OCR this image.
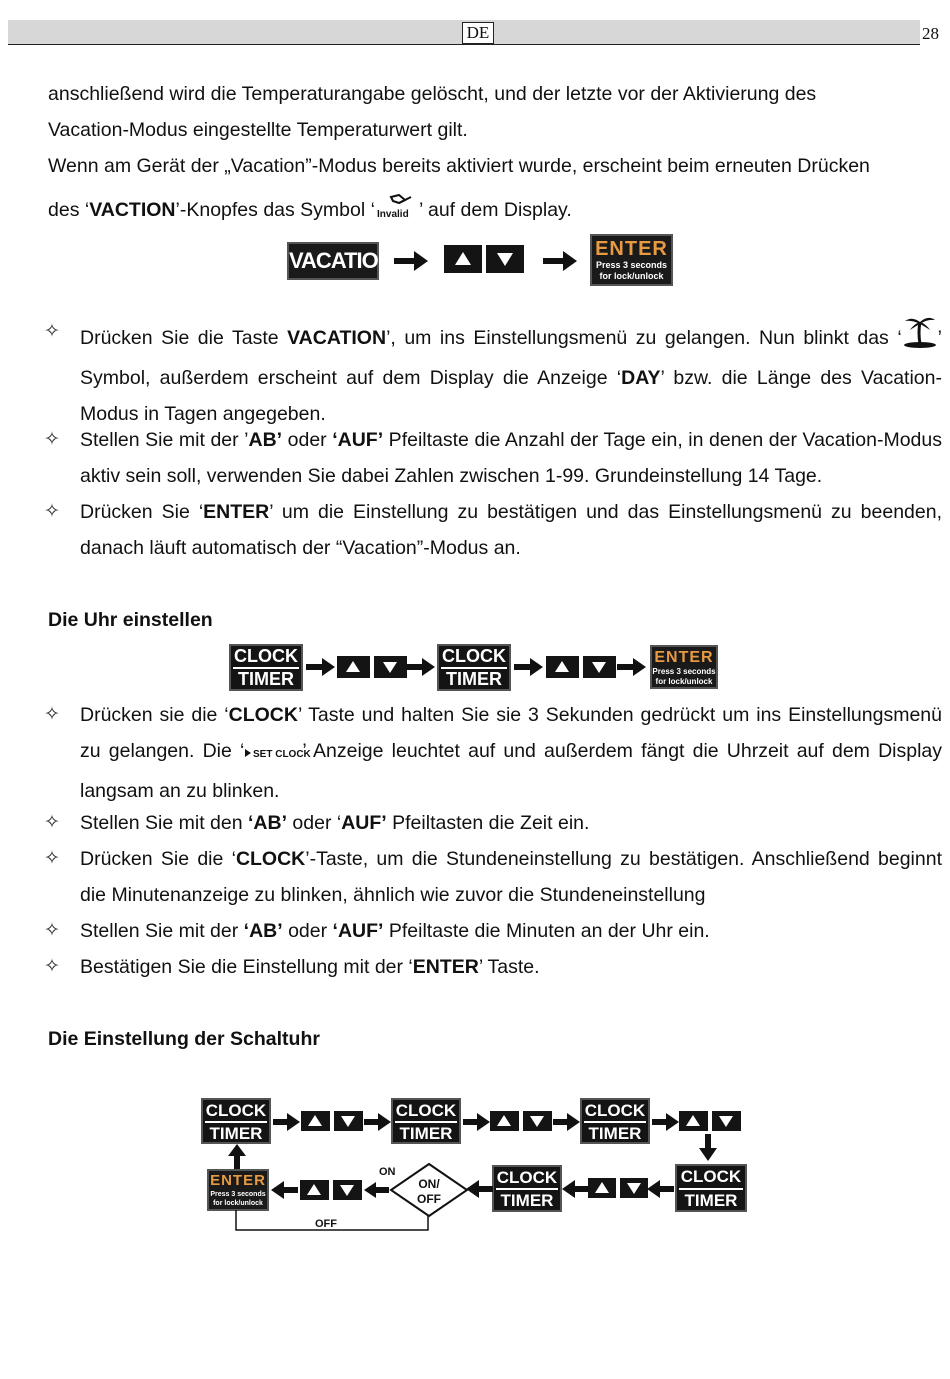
DE	28
anschließend wird die Temperaturangabe gelöscht, und der letzte vor der Aktivierung des
Vacation-Modus eingestellte Temperaturwert gilt.
Wenn am Gerät der „Vacation”-Modus bereits aktiviert wurde, erscheint beim erneuten Drücken
des ‘VACTION’-Knopfes das Symbol ‘ Invalid ’ auf dem Display.
VACATION	ENTER
Press 3 seconds
for lock/unlock
✧ Drücken Sie die Taste VACATION’, um ins Einstellungsmenü zu gelangen. Nun blinkt das ‘ ’ Symbol, außerdem erscheint auf dem Display die Anzeige ‘DAY’ bzw. die Länge des Vacation-Modus in Tagen angegeben.
✧ Stellen Sie mit der ’AB’ oder ‘AUF’ Pfeiltaste die Anzahl der Tage ein, in denen der Vacation-Modus aktiv sein soll, verwenden Sie dabei Zahlen zwischen 1-99. Grundeinstellung 14 Tage.
✧ Drücken Sie ‘ENTER’ um die Einstellung zu bestätigen und das Einstellungsmenü zu beenden, danach läuft automatisch der “Vacation”-Modus an.
Die Uhr einstellen
CLOCK
TIMER
CLOCK
TIMER
ENTER
Press 3 seconds
for lock/unlock
✧ Drücken sie die ‘CLOCK’ Taste und halten Sie sie 3 Sekunden gedrückt um ins Einstellungsmenü zu gelangen. Die ‘ SET CLOCK
’ Anzeige leuchtet auf und außerdem fängt die Uhrzeit auf dem Display langsam an zu blinken.
✧ Stellen Sie mit den ‘AB’ oder ‘AUF’ Pfeiltasten die Zeit ein.
✧ Drücken Sie die ‘CLOCK’-Taste, um die Stundeneinstellung zu bestätigen. Anschließend beginnt die Minutenanzeige zu blinken, ähnlich wie zuvor die Stundeneinstellung
✧ Stellen Sie mit der ‘AB’ oder ‘AUF’ Pfeiltaste die Minuten an der Uhr ein.
✧ Bestätigen Sie die Einstellung mit der ‘ENTER’ Taste.
Die Einstellung der Schaltuhr
CLOCK
TIMER
CLOCK
TIMER
CLOCK
TIMER
CLOCK
TIMER
CLOCK
TIMER
ON/
OFF
ON
ENTER
Press 3 seconds
for lock/unlock
OFF
